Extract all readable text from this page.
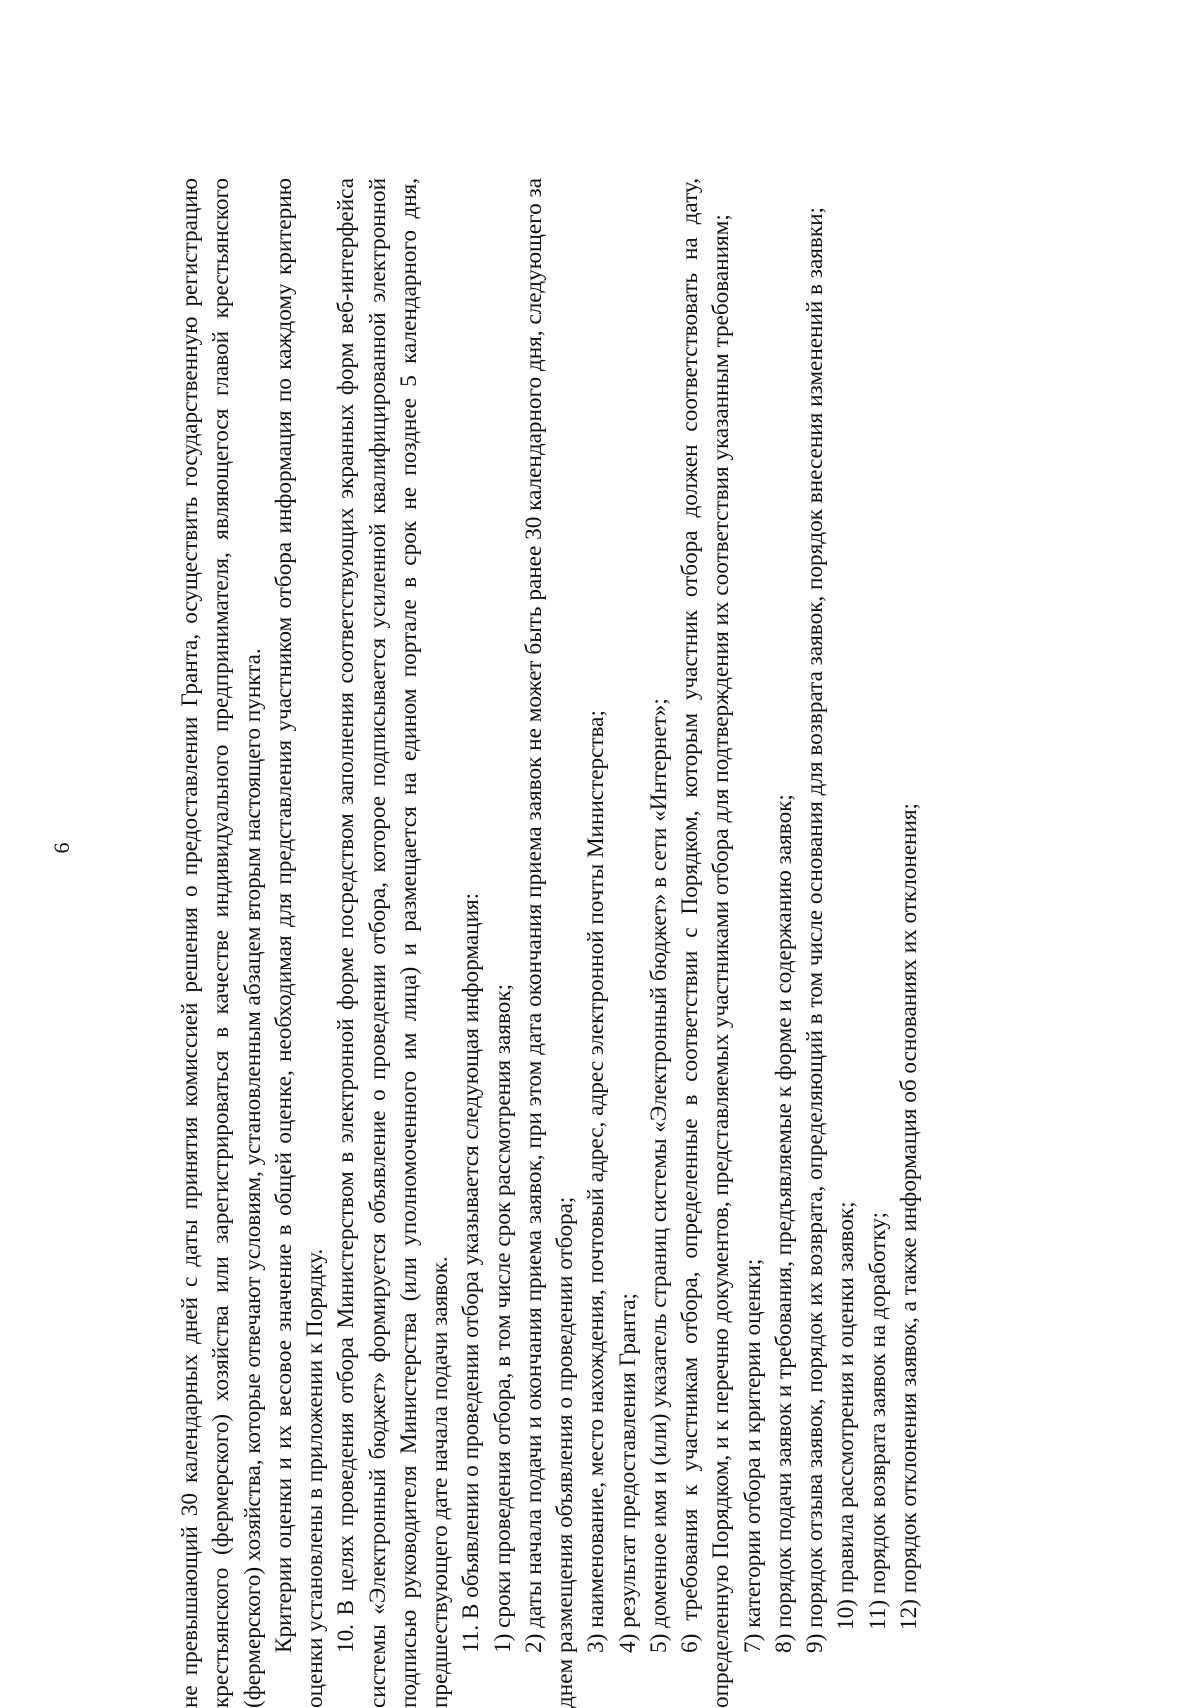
6	не превышающий 30 календарных дней с даты принятия комиссией решения о предоставлении Гранта, осуществить государственную регистрацию крестьянского (фермерского) хозяйства или зарегистрироваться в качестве индивидуального предпринимателя, являющегося главой крестьянского (фермерского) хозяйства, которые отвечают условиям, установленным абзацем вторым настоящего пункта. Критерии оценки и их весовое значение в общей оценке, необходимая для представления участником отбора информация по каждому критерию оценки установлены в приложении к Порядку. 10. В целях проведения отбора Министерством в электронной форме посредством заполнения соответствующих экранных форм веб-интерфейса системы «Электронный бюджет» формируется объявление о проведении отбора, которое подписывается усиленной квалифицированной электронной подписью руководителя Министерства (или уполномоченного им лица) и размещается на едином портале в срок не позднее 5 календарного дня, предшествующего дате начала подачи заявок. 11. В объявлении о проведении отбора указывается следующая информация: 1) сроки проведения отбора, в том числе срок рассмотрения заявок; 2) даты начала подачи и окончания приема заявок, при этом дата окончания приема заявок не может быть ранее 30 календарного дня, следующего за днем размещения объявления о проведении отбора; 3) наименование, место нахождения, почтовый адрес, адрес электронной почты Министерства; 4) результат предоставления Гранта; 5) доменное имя и (или) указатель страниц системы «Электронный бюджет» в сети «Интернет»; 6) требования к участникам отбора, определенные в соответствии с Порядком, которым участник отбора должен соответствовать на дату, определенную Порядком, и к перечню документов, представляемых участниками отбора для подтверждения их соответствия указанным требованиям; 7) категории отбора и критерии оценки; 8) порядок подачи заявок и требования, предъявляемые к форме и содержанию заявок; 9) порядок отзыва заявок, порядок их возврата, определяющий в том числе основания для возврата заявок, порядок внесения изменений в заявки; 10) правила рассмотрения и оценки заявок; 11) порядок возврата заявок на доработку; 12) порядок отклонения заявок, а также информация об основаниях их отклонения;
